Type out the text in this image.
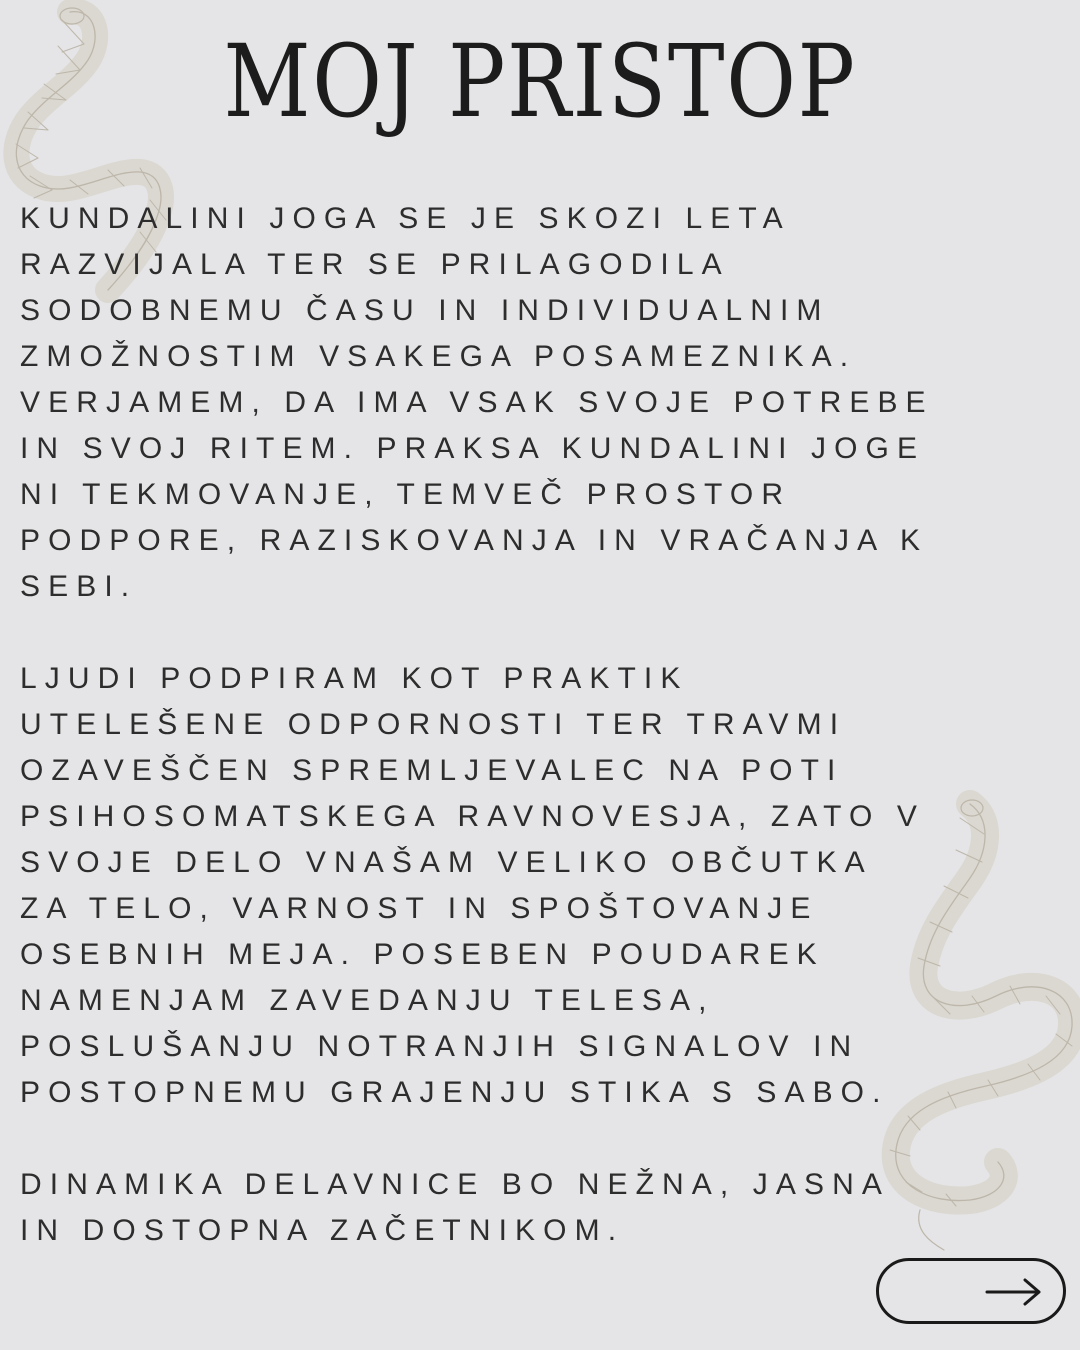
MOJ PRISTOP

KUNDALINI JOGA SE JE SKOZI LETA
RAZVIJALA TER SE PRILAGODILA
SODOBNEMU ČASU IN INDIVIDUALNIM
ZMOŽNOSTIM VSAKEGA POSAMEZNIKA.
VERJAMEM, DA IMA VSAK SVOJE POTREBE
IN SVOJ RITEM. PRAKSA KUNDALINI JOGE
NI TEKMOVANJE, TEMVEČ PROSTOR
PODPORE, RAZISKOVANJA IN VRAČANJA K
SEBI.

LJUDI PODPIRAM KOT PRAKTIK
UTELEŠENE ODPORNOSTI TER TRAVMI
OZAVEŠČEN SPREMLJEVALEC NA POTI
PSIHOSOMATSKEGA RAVNOVESJA, ZATO V
SVOJE DELO VNAŠAM VELIKO OBČUTKA
ZA TELO, VARNOST IN SPOŠTOVANJE
OSEBNIH MEJA. POSEBEN POUDAREK
NAMENJAM ZAVEDANJU TELESA,
POSLUŠANJU NOTRANJIH SIGNALOV IN
POSTOPNEMU GRAJENJU STIKA S SABO.

DINAMIKA DELAVNICE BO NEŽNA, JASNA
IN DOSTOPNA ZAČETNIKOM.
